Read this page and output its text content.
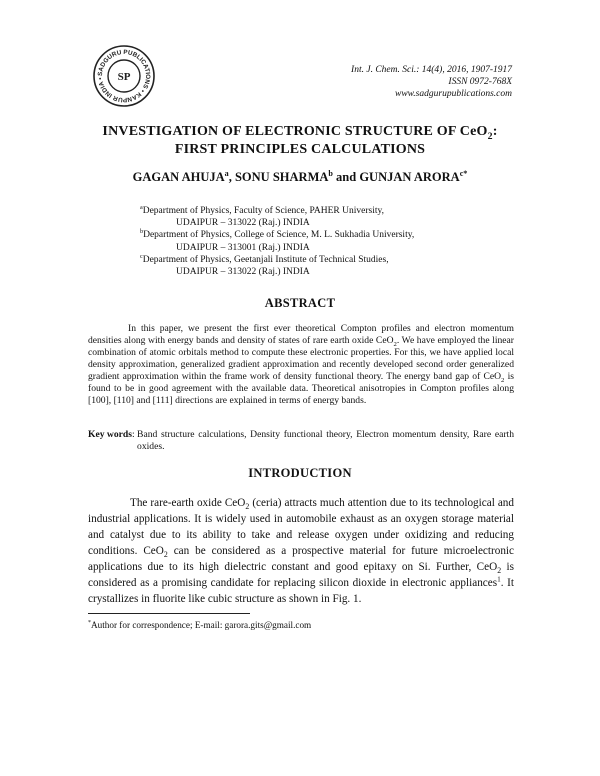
SADGURU PUBLICATIONS • KANPUR INDIA •	SP
Int. J. Chem. Sci.: 14(4), 2016, 1907-1917
ISSN 0972-768X
www.sadgurupublications.com
INVESTIGATION OF ELECTRONIC STRUCTURE OF CeO$_2$:
FIRST PRINCIPLES CALCULATIONS
GAGAN AHUJA$^a$, SONU SHARMA$^b$ and GUNJAN $ARORA^{c*}$
$^a$Department of Physics, Faculty of Science, PAHER University,
UDAIPUR – 313022 (Raj.) INDIA
$^b$Department of Physics, College of Science, M. L. Sukhadia University,
UDAIPUR – 313001 (Raj.) INDIA
$^c$Department of Physics, Geetanjali Institute of Technical Studies,
UDAIPUR – 313022 (Raj.) INDIA
ABSTRACT
In this paper, we present the first ever theoretical Compton profiles and electron momentum densities along with energy bands and density of states of rare earth oxide CeO$_2$. We have employed the linear combination of atomic orbitals method to compute these electronic properties. For this, we have applied local density approximation, generalized gradient approximation and recently developed second order generalized gradient approximation within the frame work of density functional theory. The energy band gap of CeO$_2$ is found to be in good agreement with the available data. Theoretical anisotropies in Compton profiles along [100], [110] and [111] directions are explained in terms of energy bands.
Key words : Band structure calculations, Density functional theory, Electron momentum density, Rare earth oxides.
INTRODUCTION
The rare-earth oxide CeO$_2$ (ceria) attracts much attention due to its technological and industrial applications. It is widely used in automobile exhaust as an oxygen storage material and catalyst due to its ability to take and release oxygen under oxidizing and reducing conditions. CeO$_2$ can be considered as a prospective material for future microelectronic applications due to its high dielectric constant and good epitaxy on Si. Further, CeO$_2$ is considered as a promising candidate for replacing silicon dioxide in electronic appliances$^1$. It crystallizes in fluorite like cubic structure as shown in Fig. 1.
*Author for correspondence; E-mail: garora.gits@gmail.com
